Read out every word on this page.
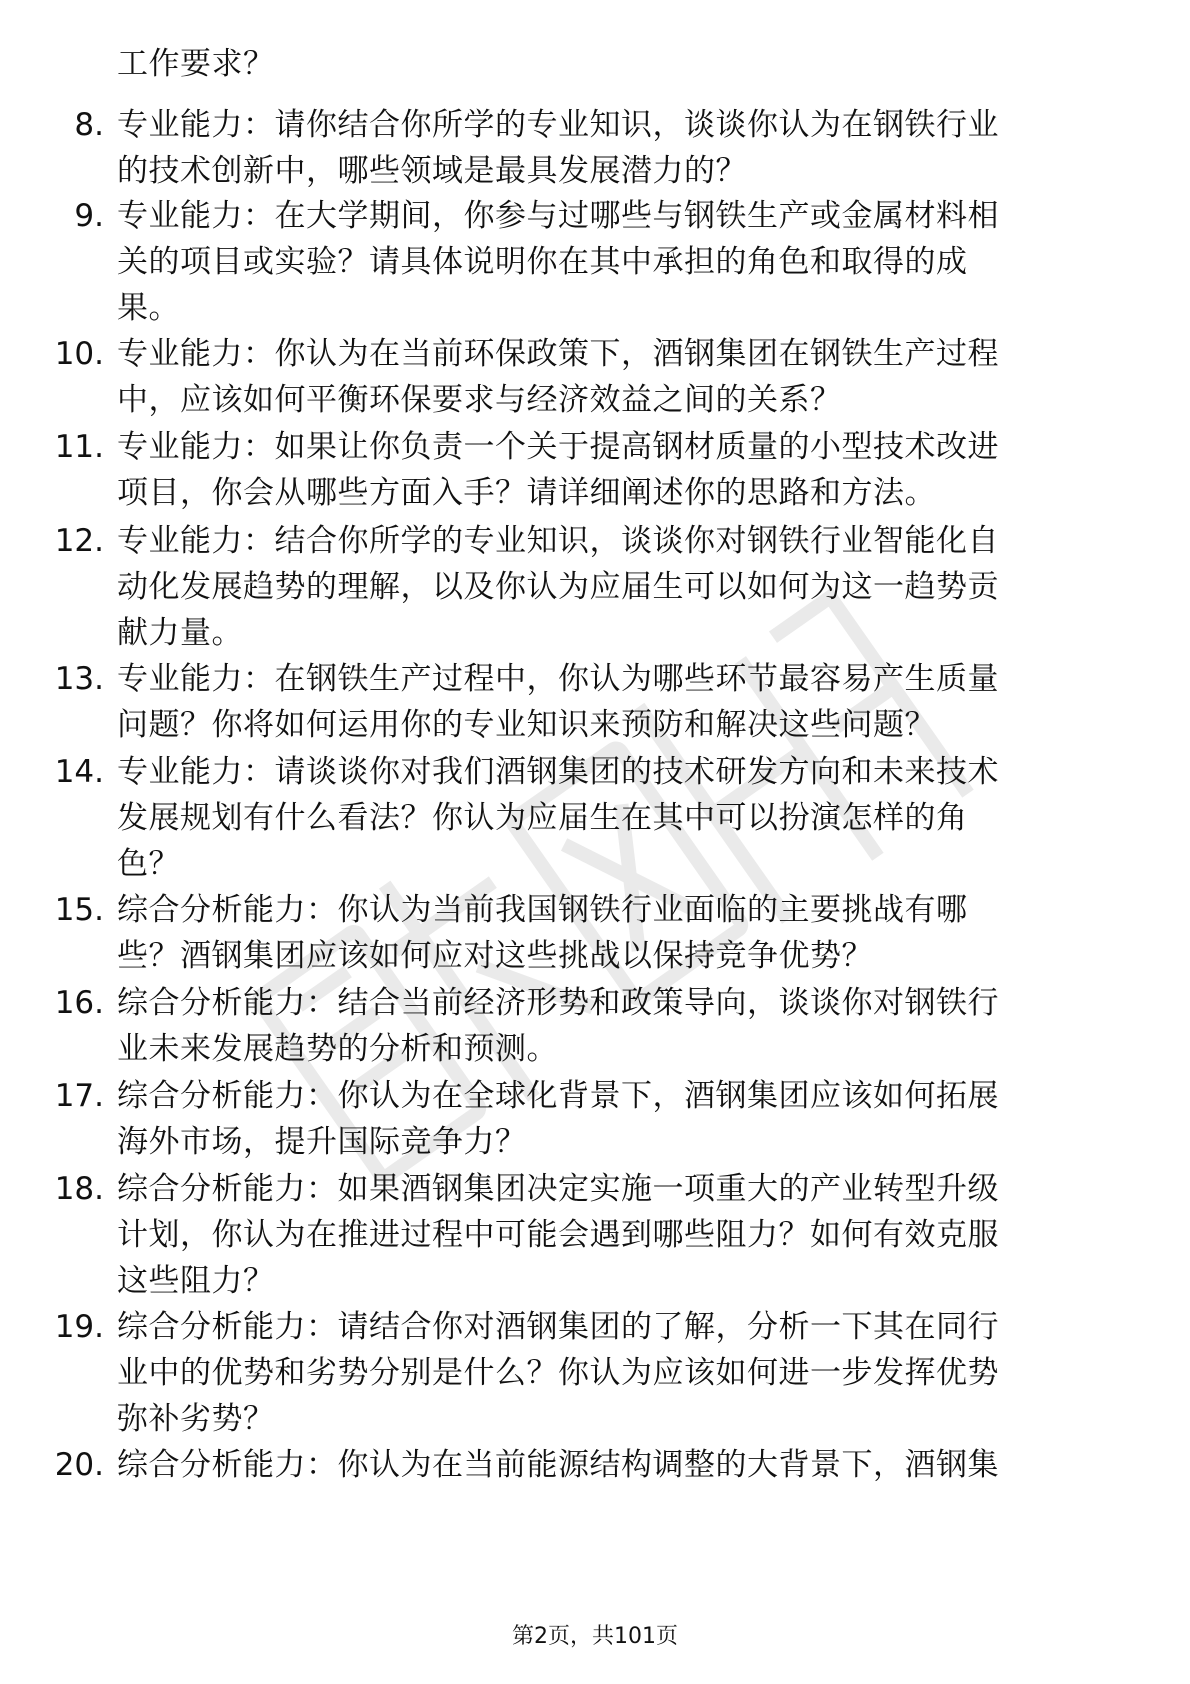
工作要求？
8. 专业能力：请你结合你所学的专业知识，谈谈你认为在钢铁行业
的技术创新中，哪些领域是最具发展潜力的？
9. 专业能力：在大学期间，你参与过哪些与钢铁生产或金属材料相
关的项目或实验？请具体说明你在其中承担的角色和取得的成
果。
10. 专业能力：你认为在当前环保政策下，酒钢集团在钢铁生产过程
中，应该如何平衡环保要求与经济效益之间的关系？
11. 专业能力：如果让你负责一个关于提高钢材质量的小型技术改进
项目，你会从哪些方面入手？请详细阐述你的思路和方法。
12. 专业能力：结合你所学的专业知识，谈谈你对钢铁行业智能化自
动化发展趋势的理解，以及你认为应届生可以如何为这一趋势贡
献力量。
13. 专业能力：在钢铁生产过程中，你认为哪些环节最容易产生质量
问题？你将如何运用你的专业知识来预防和解决这些问题？
14. 专业能力：请谈谈你对我们酒钢集团的技术研发方向和未来技术
发展规划有什么看法？你认为应届生在其中可以扮演怎样的角
色？
15. 综合分析能力：你认为当前我国钢铁行业面临的主要挑战有哪
些？酒钢集团应该如何应对这些挑战以保持竞争优势？
16. 综合分析能力：结合当前经济形势和政策导向，谈谈你对钢铁行
业未来发展趋势的分析和预测。
17. 综合分析能力：你认为在全球化背景下，酒钢集团应该如何拓展
海外市场，提升国际竞争力？
18. 综合分析能力：如果酒钢集团决定实施一项重大的产业转型升级
计划，你认为在推进过程中可能会遇到哪些阻力？如何有效克服
这些阻力？
19. 综合分析能力：请结合你对酒钢集团的了解，分析一下其在同行
业中的优势和劣势分别是什么？你认为应该如何进一步发挥优势
弥补劣势？
20. 综合分析能力：你认为在当前能源结构调整的大背景下，酒钢集
第2页，共101页
